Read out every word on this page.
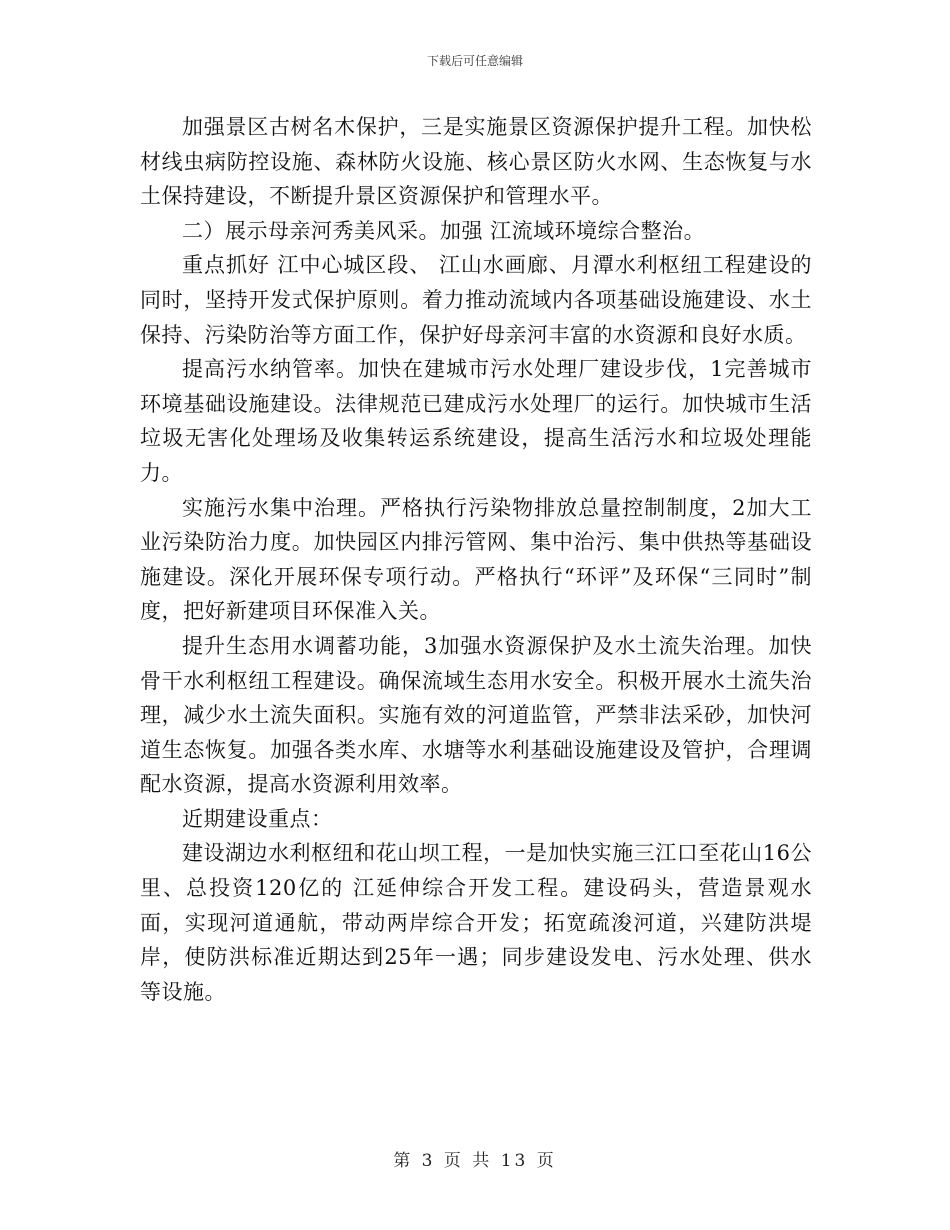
下载后可任意编辑

加强景区古树名木保护，三是实施景区资源保护提升工程。加快松材线虫病防控设施、森林防火设施、核心景区防火水网、生态恢复与水土保持建设，不断提升景区资源保护和管理水平。

二）展示母亲河秀美风采。加强 江流域环境综合整治。

重点抓好 江中心城区段、 江山水画廊、月潭水利枢纽工程建设的同时，坚持开发式保护原则。着力推动流域内各项基础设施建设、水土保持、污染防治等方面工作，保护好母亲河丰富的水资源和良好水质。

提高污水纳管率。加快在建城市污水处理厂建设步伐，1完善城市环境基础设施建设。法律规范已建成污水处理厂的运行。加快城市生活垃圾无害化处理场及收集转运系统建设，提高生活污水和垃圾处理能力。

实施污水集中治理。严格执行污染物排放总量控制制度，2加大工业污染防治力度。加快园区内排污管网、集中治污、集中供热等基础设施建设。深化开展环保专项行动。严格执行“环评”及环保“三同时”制度，把好新建项目环保准入关。

提升生态用水调蓄功能，3加强水资源保护及水土流失治理。加快骨干水利枢纽工程建设。确保流域生态用水安全。积极开展水土流失治理，减少水土流失面积。实施有效的河道监管，严禁非法采砂，加快河道生态恢复。加强各类水库、水塘等水利基础设施建设及管护，合理调配水资源，提高水资源利用效率。

近期建设重点：

建设湖边水利枢纽和花山坝工程，一是加快实施三江口至花山16公里、总投资120亿的 江延伸综合开发工程。建设码头，营造景观水面，实现河道通航，带动两岸综合开发；拓宽疏浚河道，兴建防洪堤岸，使防洪标准近期达到25年一遇；同步建设发电、污水处理、供水等设施。

第 3 页 共 13 页
